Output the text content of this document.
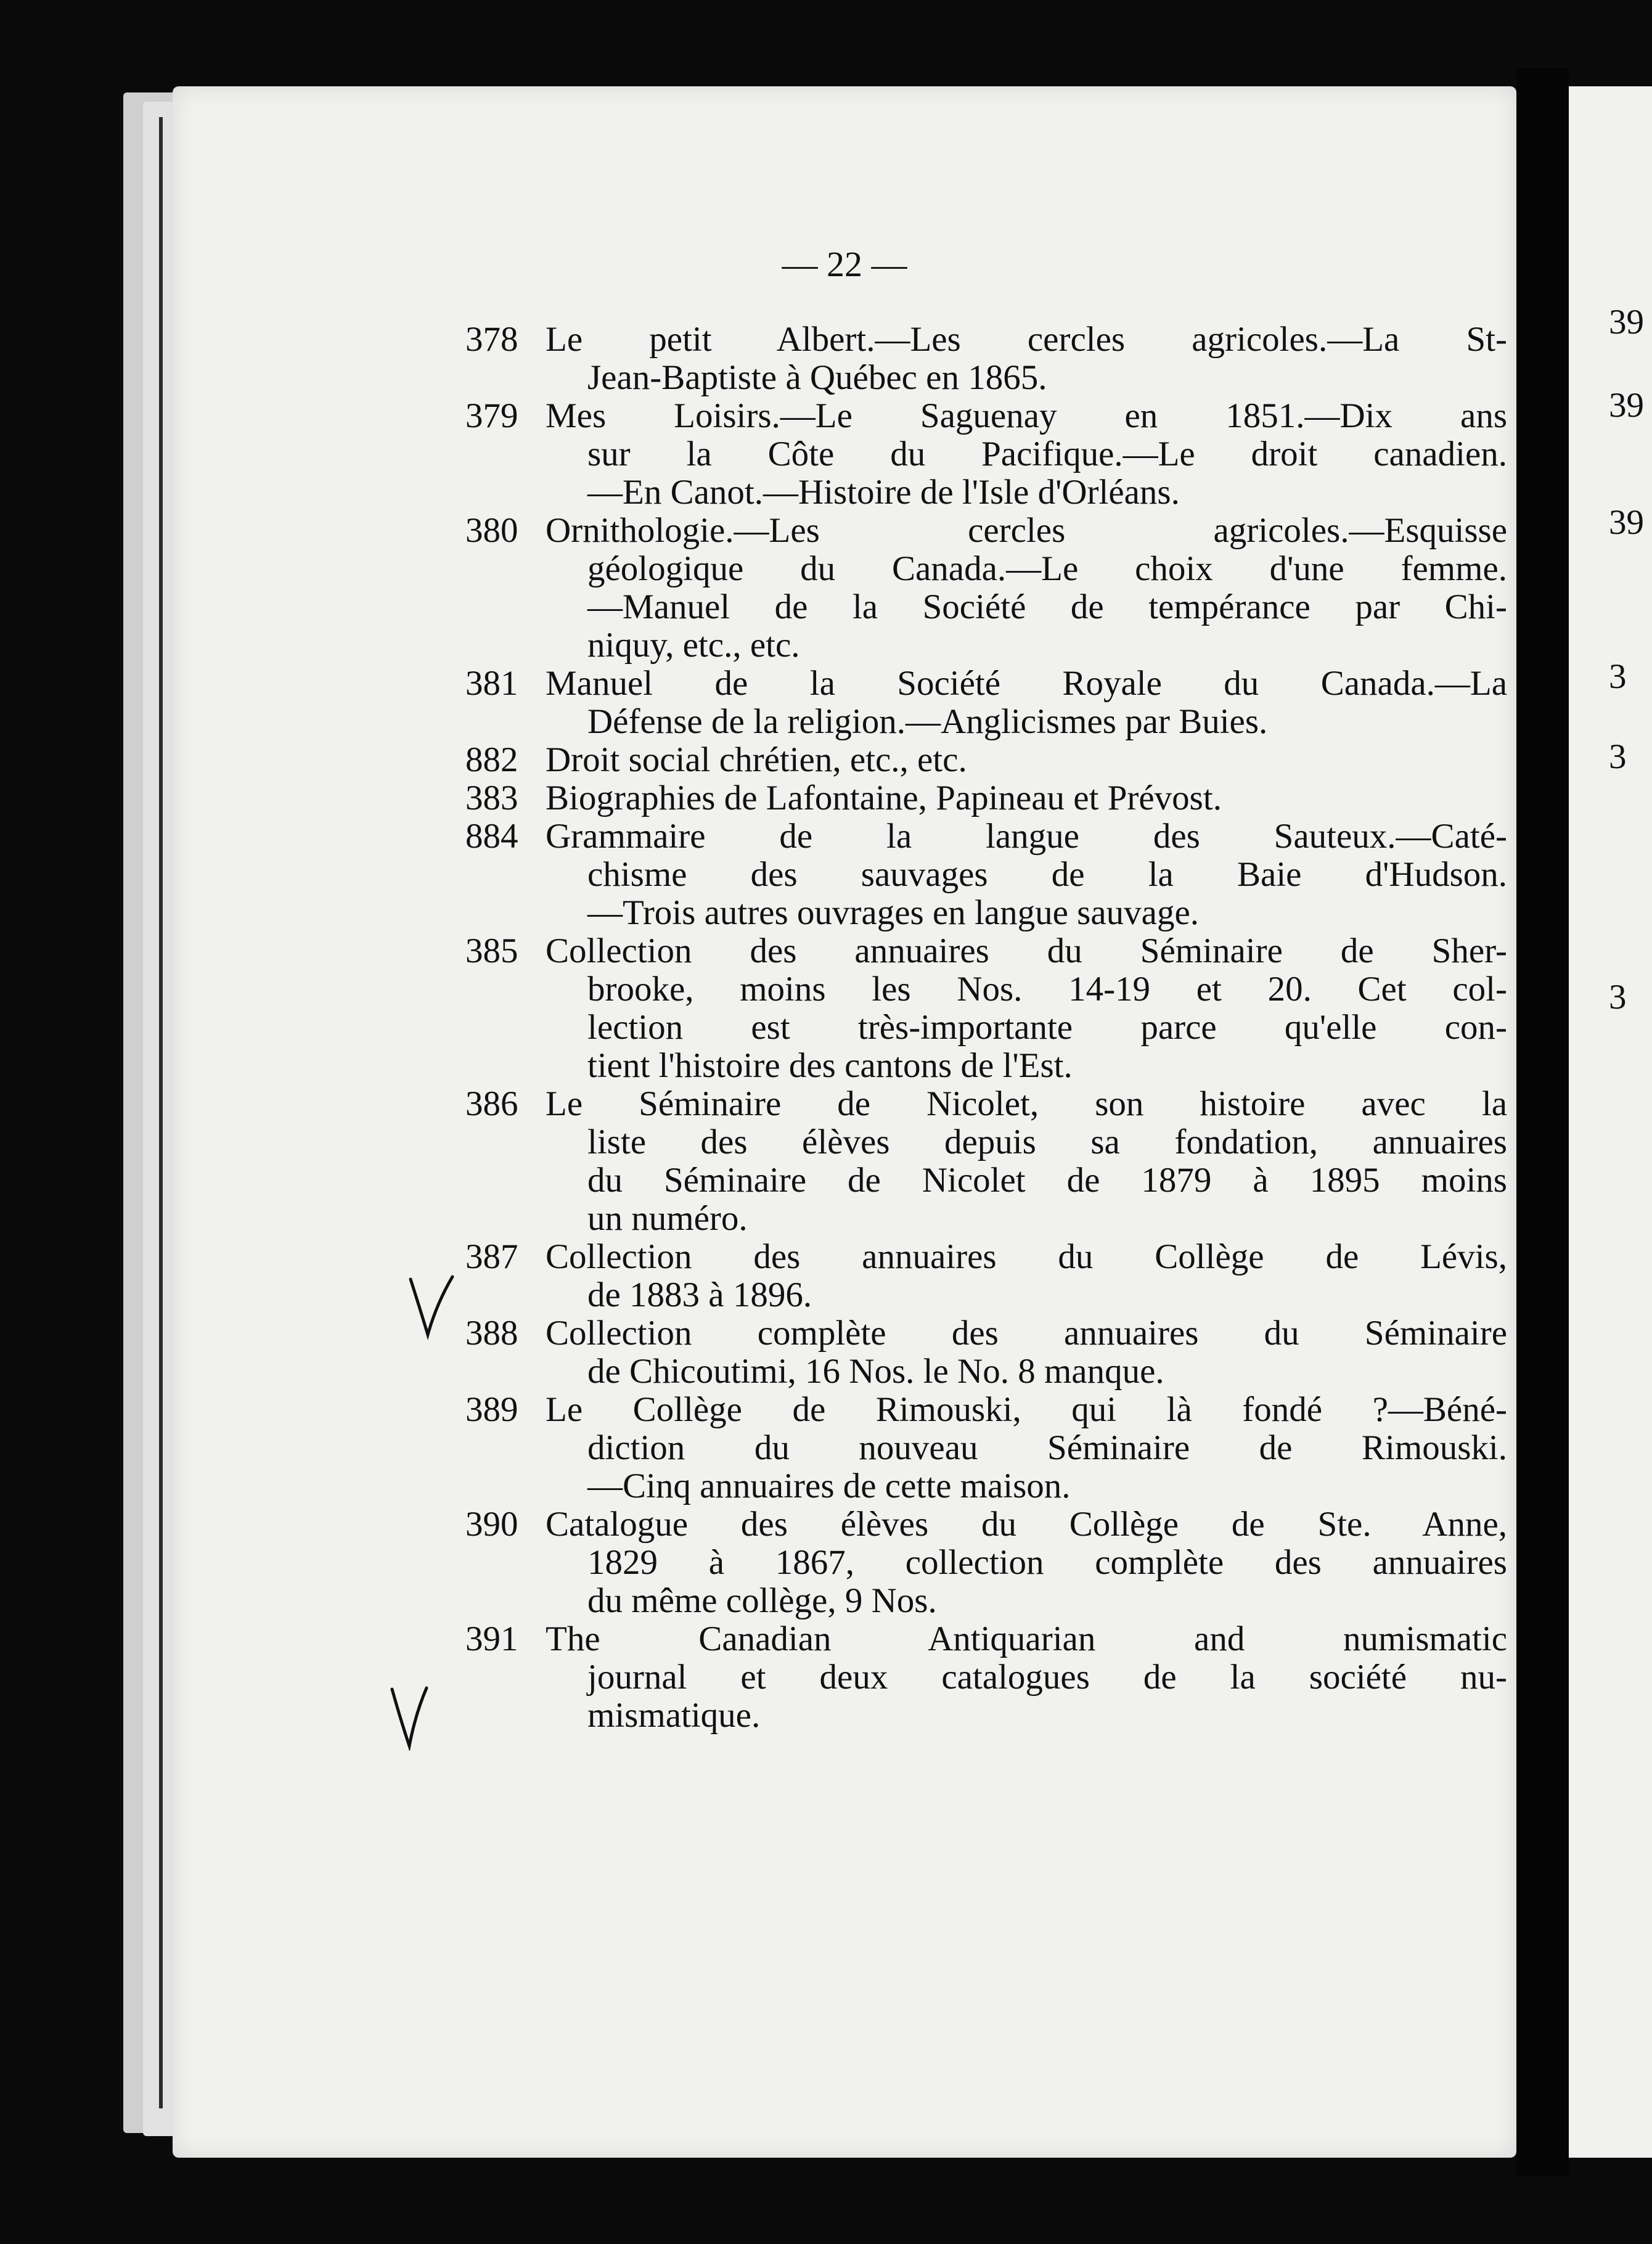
39
39
39
3
3
3
— 22 —
378 Le petit Albert.—Les cercles agricoles.—La St-
Jean-Baptiste à Québec en 1865.
379 Mes Loisirs.—Le Saguenay en 1851.—Dix ans
sur la Côte du Pacifique.—Le droit canadien.
—En Canot.—Histoire de l'Isle d'Orléans.
380 Ornithologie.—Les cercles agricoles.—Esquisse
géologique du Canada.—Le choix d'une femme.
—Manuel de la Société de tempérance par Chi-
niquy, etc., etc.
381 Manuel de la Société Royale du Canada.—La
Défense de la religion.—Anglicismes par Buies.
882 Droit social chrétien, etc., etc.
383 Biographies de Lafontaine, Papineau et Prévost.
884 Grammaire de la langue des Sauteux.—Caté-
chisme des sauvages de la Baie d'Hudson.
—Trois autres ouvrages en langue sauvage.
385 Collection des annuaires du Séminaire de Sher-
brooke, moins les Nos. 14-19 et 20. Cet col-
lection est très-importante parce qu'elle con-
tient l'histoire des cantons de l'Est.
386 Le Séminaire de Nicolet, son histoire avec la
liste des élèves depuis sa fondation, annuaires
du Séminaire de Nicolet de 1879 à 1895 moins
un numéro.
387 Collection des annuaires du Collège de Lévis,
de 1883 à 1896.
388 Collection complète des annuaires du Séminaire
de Chicoutimi, 16 Nos. le No. 8 manque.
389 Le Collège de Rimouski, qui là fondé ?—Béné-
diction du nouveau Séminaire de Rimouski.
—Cinq annuaires de cette maison.
390 Catalogue des élèves du Collège de Ste. Anne,
1829 à 1867, collection complète des annuaires
du même collège, 9 Nos.
391 The Canadian Antiquarian and numismatic
journal et deux catalogues de la société nu-
mismatique.
